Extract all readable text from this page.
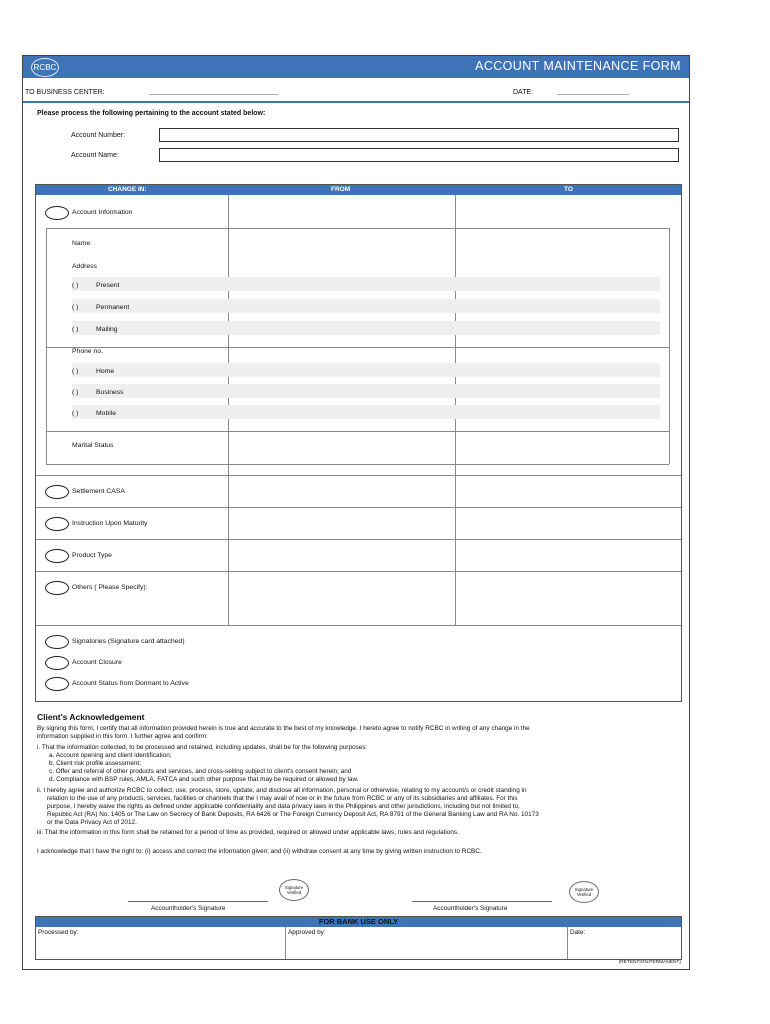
RCBC	ACCOUNT MAINTENANCE FORM
TO BUSINESS CENTER:	____________________________________	DATE:	____________________
Please process the following pertaining to the account stated below:
Account Number:
Account Name:
CHANGE IN:	FROM	TO
Account Information
Name
Address
( )	Present
( )	Permanent
( )	Mailing
Phone no.
( )	Home
( )	Business
( )	Mobile
Marital Status
Settlement CASA
Instruction Upon Maturity
Product Type
Others ( Please Specify):
Signatories (Signature card attached)
Account Closure
Account Status from Dormant to Active
Client's Acknowledgement
By signing this form, I certify that all information provided herein is true and accurate to the best of my knowledge. I hereto agree to notify RCBC in writing of any change in the
information supplied in this form. I further agree and confirm:
i. That the information collected, to be processed and retained, including updates, shall be for the following purposes:
a. Account opening and client identification;
b. Client risk profile assessment;
c. Offer and referral of other products and services, and cross-selling subject to client's consent herein; and
d. Compliance with BSP rules, AMLA, FATCA and such other purpose that may be required or allowed by law.
ii. I hereby agree and authorize RCBC to collect, use, process, store, update, and disclose all information, personal or otherwise, relating to my account/s or credit standing in
relation to the use of any products, services, facilities or channels that the I may avail of now or in the future from RCBC or any of its subsidiaries and affiliates. For this
purpose, I hereby waive the rights as defined under applicable confidentiality and data privacy laws in the Philippines and other jurisdictions, including but not limited to,
Republic Act (RA) No. 1405 or The Law on Secrecy of Bank Deposits, RA 6426 or The Foreign Currency Deposit Act, RA 8791 of the General Banking Law and RA No. 10173
or the Data Privacy Act of 2012.
iii. That the information in this form shall be retained for a period of time as provided, required or allowed under applicable laws, rules and regulations.
I acknowledge that I have the right to: (i) access and correct the information given; and (ii) withdraw consent at any time by giving written instruction to RCBC.
Signature
Verified
Accountholder's Signature
Signature
Verified
Accountholder's Signature
FOR BANK USE ONLY
Processed by:	Approved by:	Date:
(RETENTION:PERMANENT)
